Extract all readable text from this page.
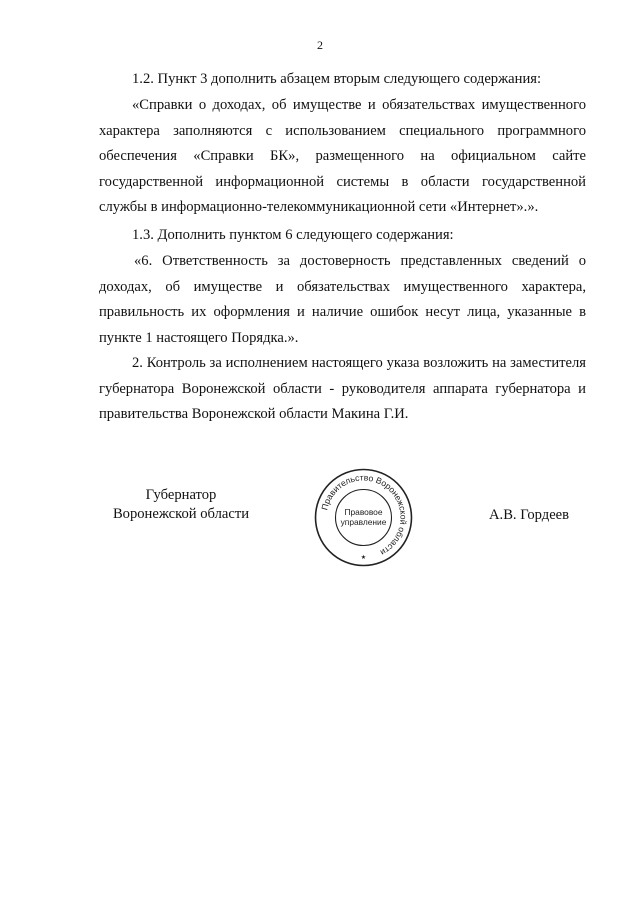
2

1.2. Пункт 3 дополнить абзацем вторым следующего содержания:

«Справки о доходах, об имуществе и обязательствах имущественного характера заполняются с использованием специального программного обеспечения «Справки БК», размещенного на официальном сайте государственной информационной системы в области государственной службы в информационно-телекоммуникационной сети «Интернет».».

1.3. Дополнить пунктом 6 следующего содержания:

«6. Ответственность за достоверность представленных сведений о доходах, об имуществе и обязательствах имущественного характера, правильность их оформления и наличие ошибок несут лица, указанные в пункте 1 настоящего Порядка.».

2. Контроль за исполнением настоящего указа возложить на заместителя губернатора Воронежской области - руководителя аппарата губернатора и правительства Воронежской области Макина Г.И.

Губернатор
Воронежской области	Правительство Воронежской области
Правовое
управление
★
А.В. Гордеев
